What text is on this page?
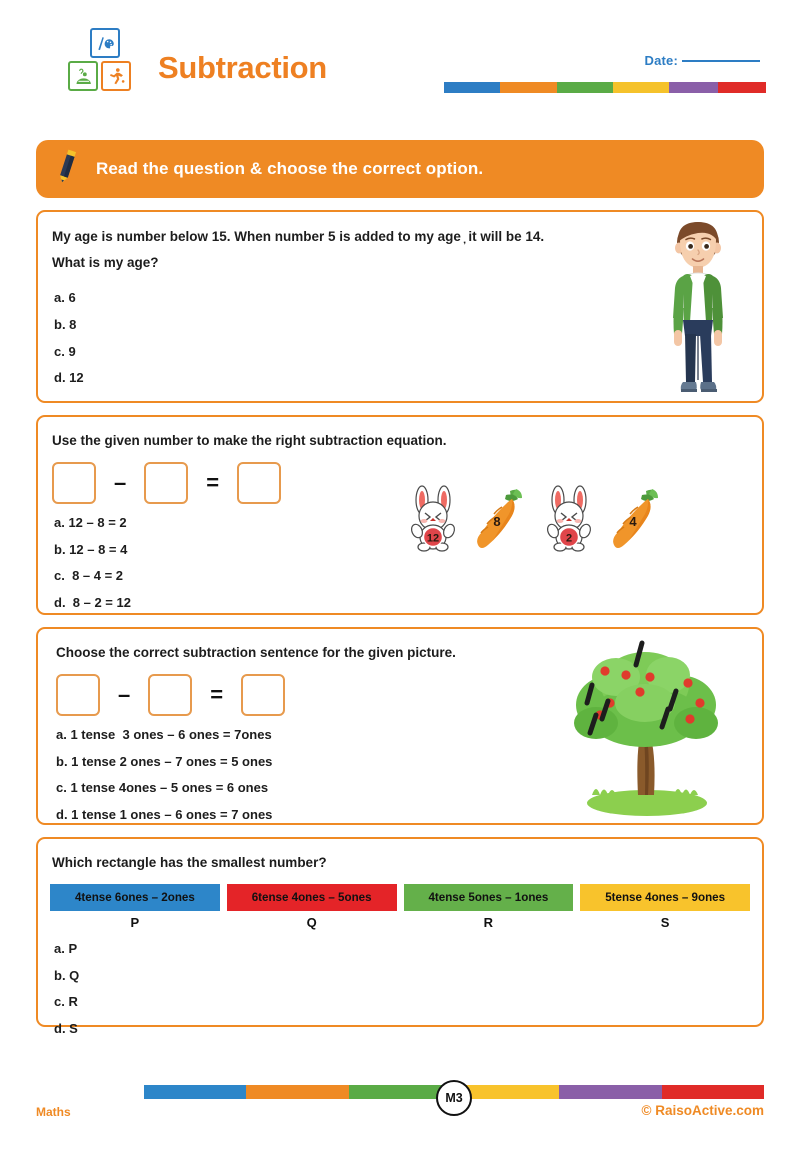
Subtraction	Date:
Read the question & choose the correct option.
My age is number below 15. When number 5 is added to my age ̦ it will be 14.
What is my age?
a. 6
b. 8
c. 9
d. 12
Use the given number to make the right subtraction equation.
–	=
a. 12 – 8 = 2
b. 12 – 8 = 4
c.  8 – 4 = 2
d.  8 – 2 = 12
12
8
2
4
Choose the correct subtraction sentence for the given picture.
–	=
a. 1 tense  3 ones – 6 ones = 7ones
b. 1 tense 2 ones – 7 ones = 5 ones
c. 1 tense 4ones – 5 ones = 6 ones
d. 1 tense 1 ones – 6 ones = 7 ones
Which rectangle has the smallest number?
4tense 6ones – 2ones
P
6tense 4ones – 5ones
Q
4tense 5ones – 1ones
R
5tense 4ones – 9ones
S
a. P
b. Q
c. R
d. S
M3
Maths	© RaisoActive.com
